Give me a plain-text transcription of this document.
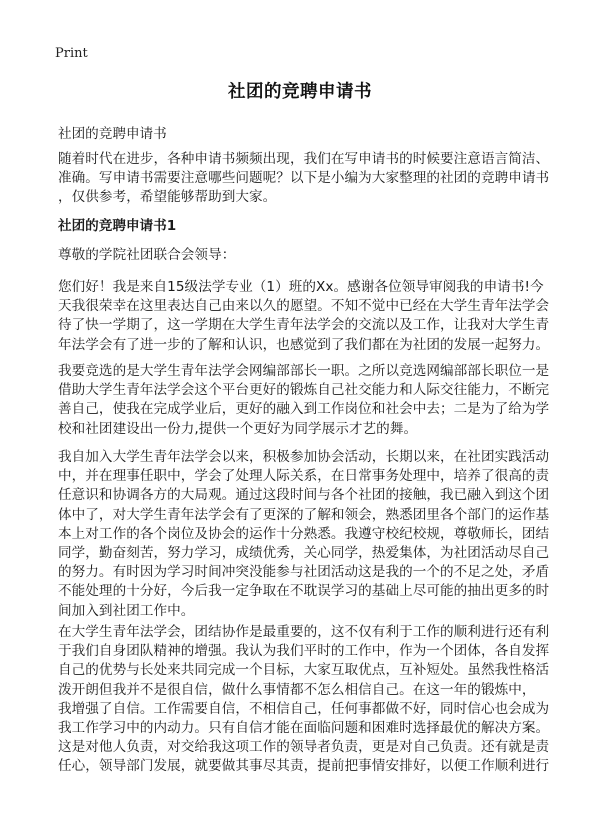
Print
社团的竞聘申请书
社团的竞聘申请书
随着时代在进步，各种申请书频频出现，我们在写申请书的时候要注意语言简洁、
准确。写申请书需要注意哪些问题呢？以下是小编为大家整理的社团的竞聘申请书
，仅供参考，希望能够帮助到大家。
社团的竞聘申请书1
尊敬的学院社团联合会领导：
您们好！我是来自15级法学专业（1）班的Xx。感谢各位领导审阅我的申请书!今
天我很荣幸在这里表达自己由来以久的愿望。不知不觉中已经在大学生青年法学会
待了快一学期了，这一学期在大学生青年法学会的交流以及工作，让我对大学生青
年法学会有了进一步的了解和认识，也感觉到了我们都在为社团的发展一起努力。
我要竞选的是大学生青年法学会网编部部长一职。之所以竞选网编部部长职位一是
借助大学生青年法学会这个平台更好的锻炼自己社交能力和人际交往能力，不断完
善自己，使我在完成学业后，更好的融入到工作岗位和社会中去；二是为了给为学
校和社团建设出一份力,提供一个更好为同学展示才艺的舞。
我自加入大学生青年法学会以来，积极参加协会活动，长期以来，在社团实践活动
中，并在理事任职中，学会了处理人际关系，在日常事务处理中，培养了很高的责
任意识和协调各方的大局观。通过这段时间与各个社团的接触，我已融入到这个团
体中了，对大学生青年法学会有了更深的了解和领会，熟悉团里各个部门的运作基
本上对工作的各个岗位及协会的运作十分熟悉。我遵守校纪校规，尊敬师长，团结
同学，勤奋刻苦，努力学习，成绩优秀，关心同学，热爱集体，为社团活动尽自己
的努力。有时因为学习时间冲突没能参与社团活动这是我的一个的不足之处，矛盾
不能处理的十分好，今后我一定争取在不耽误学习的基础上尽可能的抽出更多的时
间加入到社团工作中。
在大学生青年法学会，团结协作是最重要的，这不仅有利于工作的顺利进行还有利
于我们自身团队精神的增强。我认为我们平时的工作中，作为一个团体，各自发挥
自己的优势与长处来共同完成一个目标，大家互取优点，互补短处。虽然我性格活
泼开朗但我并不是很自信，做什么事情都不怎么相信自己。在这一年的锻炼中，
我增强了自信。工作需要自信，不相信自己，任何事都做不好，同时信心也会成为
我工作学习中的内动力。只有自信才能在面临问题和困难时选择最优的解决方案。
这是对他人负责，对交给我这项工作的领导者负责，更是对自己负责。还有就是责
任心，领导部门发展，就要做其事尽其责，提前把事情安排好，以便工作顺利进行
